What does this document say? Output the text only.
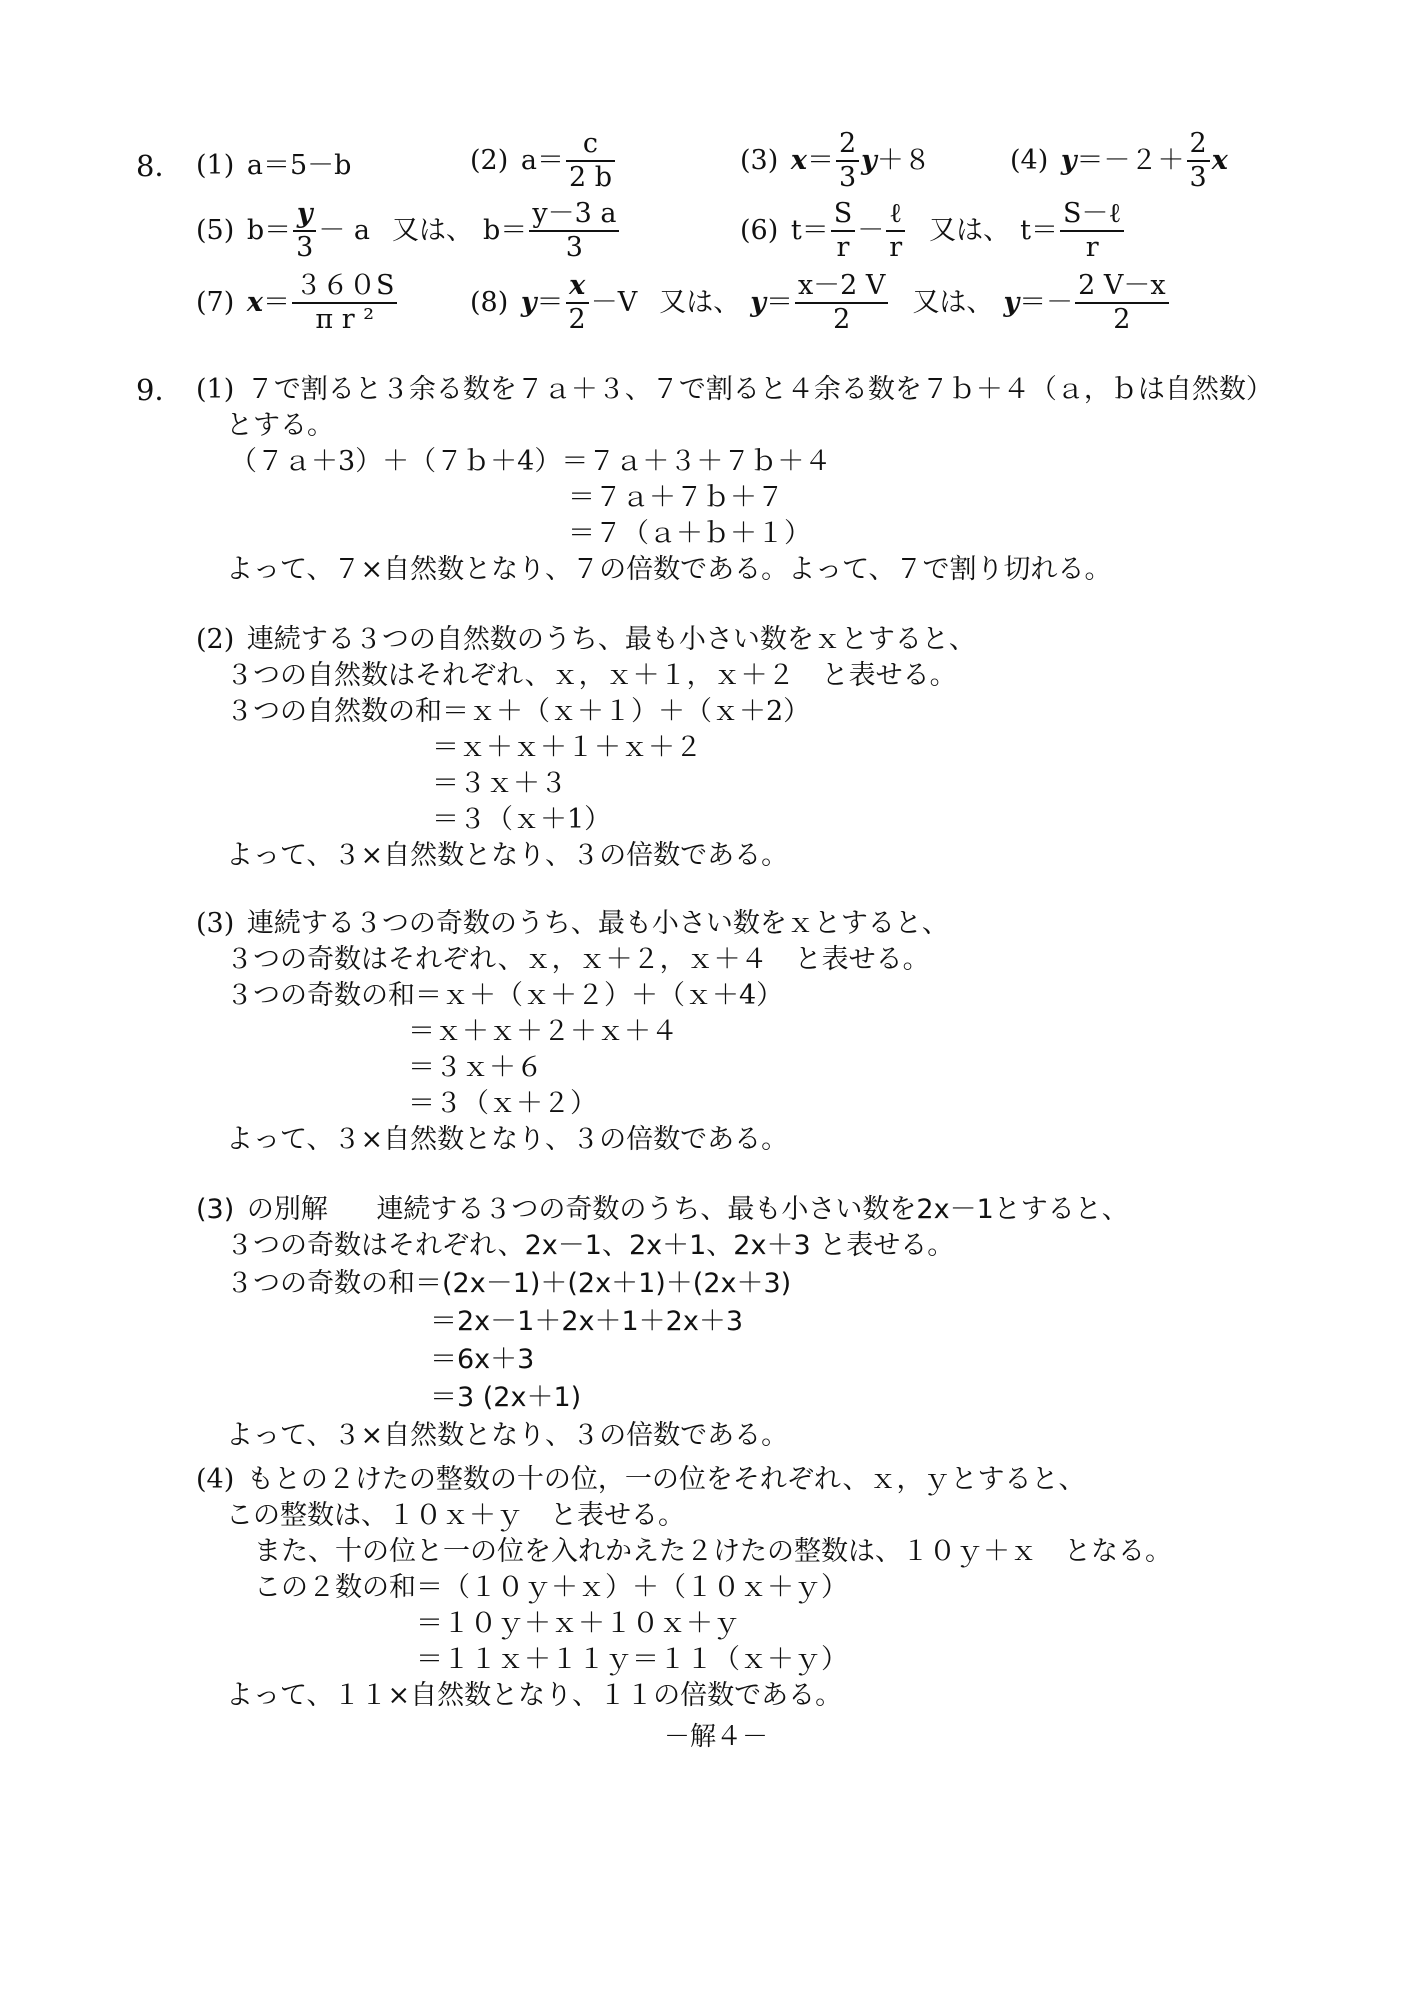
8． (1) a＝5－b	(2) $a= \frac{c}{2 b}$	(3) $x= \frac{2}{3} y+8$	(4) $y=-2+ \frac{2}{3}$ x
(5) $b= \frac{y}{3} - a$ 又は、 $b= \frac{y-3 a}{3}$	(6) $t= \frac{S}{r} - \frac{\text{ℓ}}{r}$ 又は、 $t= \frac{\text{S－ℓ}}{r}$
(7) $x= \frac{360S}{\text{π r ²}}$	(8) $y= \frac{x}{2} -V$ 又は、 $y= \frac{x-2 V}{2}$ 又は、 $y=- \frac{2 V-x}{2}$
9． (1) ７で割ると３余る数を７ａ＋３、７で割ると４余る数を７ｂ＋４（ａ，ｂは自然数）
とする。
（７ａ＋3）＋（７ｂ＋4）＝７ａ＋３＋７ｂ＋４
＝７ａ＋７ｂ＋７
＝７（ａ＋ｂ＋１）
よって、７×自然数となり、７の倍数である。よって、７で割り切れる。
(2) 連続する３つの自然数のうち、最も小さい数をｘとすると、
３つの自然数はそれぞれ、ｘ，ｘ＋１，ｘ＋２　と表せる。
３つの自然数の和＝ｘ＋（ｘ＋１）＋（ｘ＋2）
＝ｘ＋ｘ＋１＋ｘ＋２
＝３ｘ＋３
＝３（ｘ＋1）
よって、３×自然数となり、３の倍数である。
(3) 連続する３つの奇数のうち、最も小さい数をｘとすると、
３つの奇数はそれぞれ、ｘ，ｘ＋２，ｘ＋４　と表せる。
３つの奇数の和＝ｘ＋（ｘ＋２）＋（ｘ＋4）
＝ｘ＋ｘ＋２＋ｘ＋４
＝３ｘ＋６
＝３（ｘ＋２）
よって、３×自然数となり、３の倍数である。
(3) の別解 連続する３つの奇数のうち、最も小さい数を2x－1とすると、
３つの奇数はそれぞれ、2x－1、2x＋1、2x＋3 と表せる。
３つの奇数の和＝(2x－1)＋(2x＋1)＋(2x＋3)
＝2x－1＋2x＋1＋2x＋3
＝6x＋3
＝3 (2x＋1)
よって、３×自然数となり、３の倍数である。
(4) もとの２けたの整数の十の位，一の位をそれぞれ、ｘ，ｙとすると、
この整数は、１０ｘ＋ｙ　と表せる。
また、十の位と一の位を入れかえた２けたの整数は、１０ｙ＋ｘ　となる。
この２数の和＝（１０ｙ＋ｘ）＋（１０ｘ＋ｙ）
＝１０ｙ＋ｘ＋１０ｘ＋ｙ
＝１１ｘ＋１１ｙ＝１１（ｘ＋ｙ）
よって、１１×自然数となり、１１の倍数である。
－解４－
